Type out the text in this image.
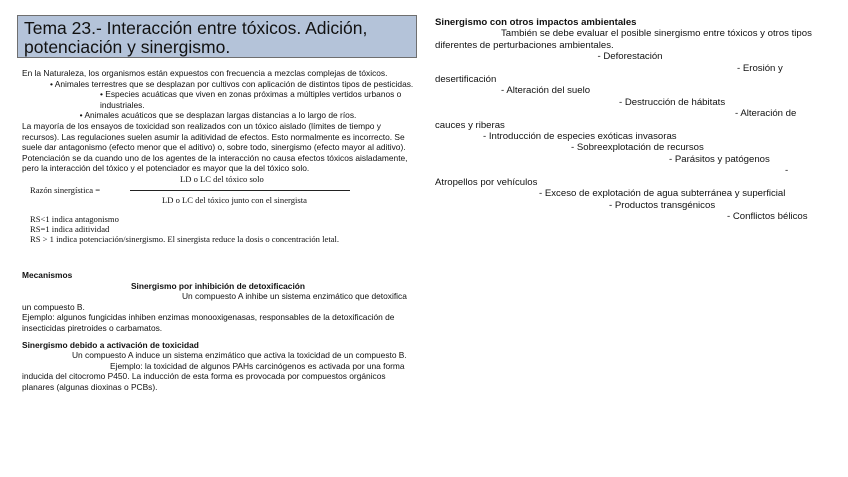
Tema 23.- Interacción entre tóxicos. Adición, potenciación y sinergismo.

En la Naturaleza, los organismos están expuestos con frecuencia a mezclas complejas de tóxicos.

• Animales terrestres que se desplazan por cultivos con aplicación de distintos tipos de pesticidas.

• Especies acuáticas que viven en zonas próximas a múltiples vertidos urbanos o industriales.

• Animales acuáticos que se desplazan largas distancias a lo largo de ríos.

La mayoría de los ensayos de toxicidad son realizados con un tóxico aislado (límites de tiempo y recursos). Las regulaciones suelen asumir la aditividad de efectos. Esto normalmente es incorrecto. Se suele dar antagonismo (efecto menor que el aditivo) o, sobre todo, sinergismo (efecto mayor al aditivo).

Potenciación se da cuando uno de los agentes de la interacción no causa efectos tóxicos aisladamente, pero la interacción del tóxico y el potenciador es mayor que la del tóxico solo.

LD o LC del tóxico solo
Razón sinergística =
LD o LC del tóxico junto con el sinergista

RS<1 indica antagonismo

RS=1 indica aditividad

RS > 1 indica potenciación/sinergismo. El sinergista reduce la dosis o concentración letal.

Mecanismos

Sinergismo por inhibición de detoxificación

Un compuesto A inhibe un sistema enzimático que detoxifica un compuesto B.

Ejemplo: algunos fungicidas inhiben enzimas monooxigenasas, responsables de la detoxificación de insecticidas piretroides o carbamatos.

Sinergismo debido a activación de toxicidad

Un compuesto A induce un sistema enzimático que activa la toxicidad de un compuesto B.

Ejemplo: la toxicidad de algunos PAHs carcinógenos es activada por una forma inducida del citocromo P450. La inducción de esta forma es provocada por compuestos orgánicos planares (algunas dioxinas o PCBs).

Sinergismo con otros impactos ambientales

También se debe evaluar el posible sinergismo entre tóxicos y otros tipos diferentes de perturbaciones ambientales.

- Deforestación

- Erosión y desertificación

- Alteración del suelo

- Destrucción de hábitats

- Alteración de cauces y riberas

- Introducción de especies exóticas invasoras

- Sobreexplotación de recursos

- Parásitos y patógenos

- Atropellos por vehículos

- Exceso de explotación de agua subterránea y superficial

- Productos transgénicos

- Conflictos bélicos
